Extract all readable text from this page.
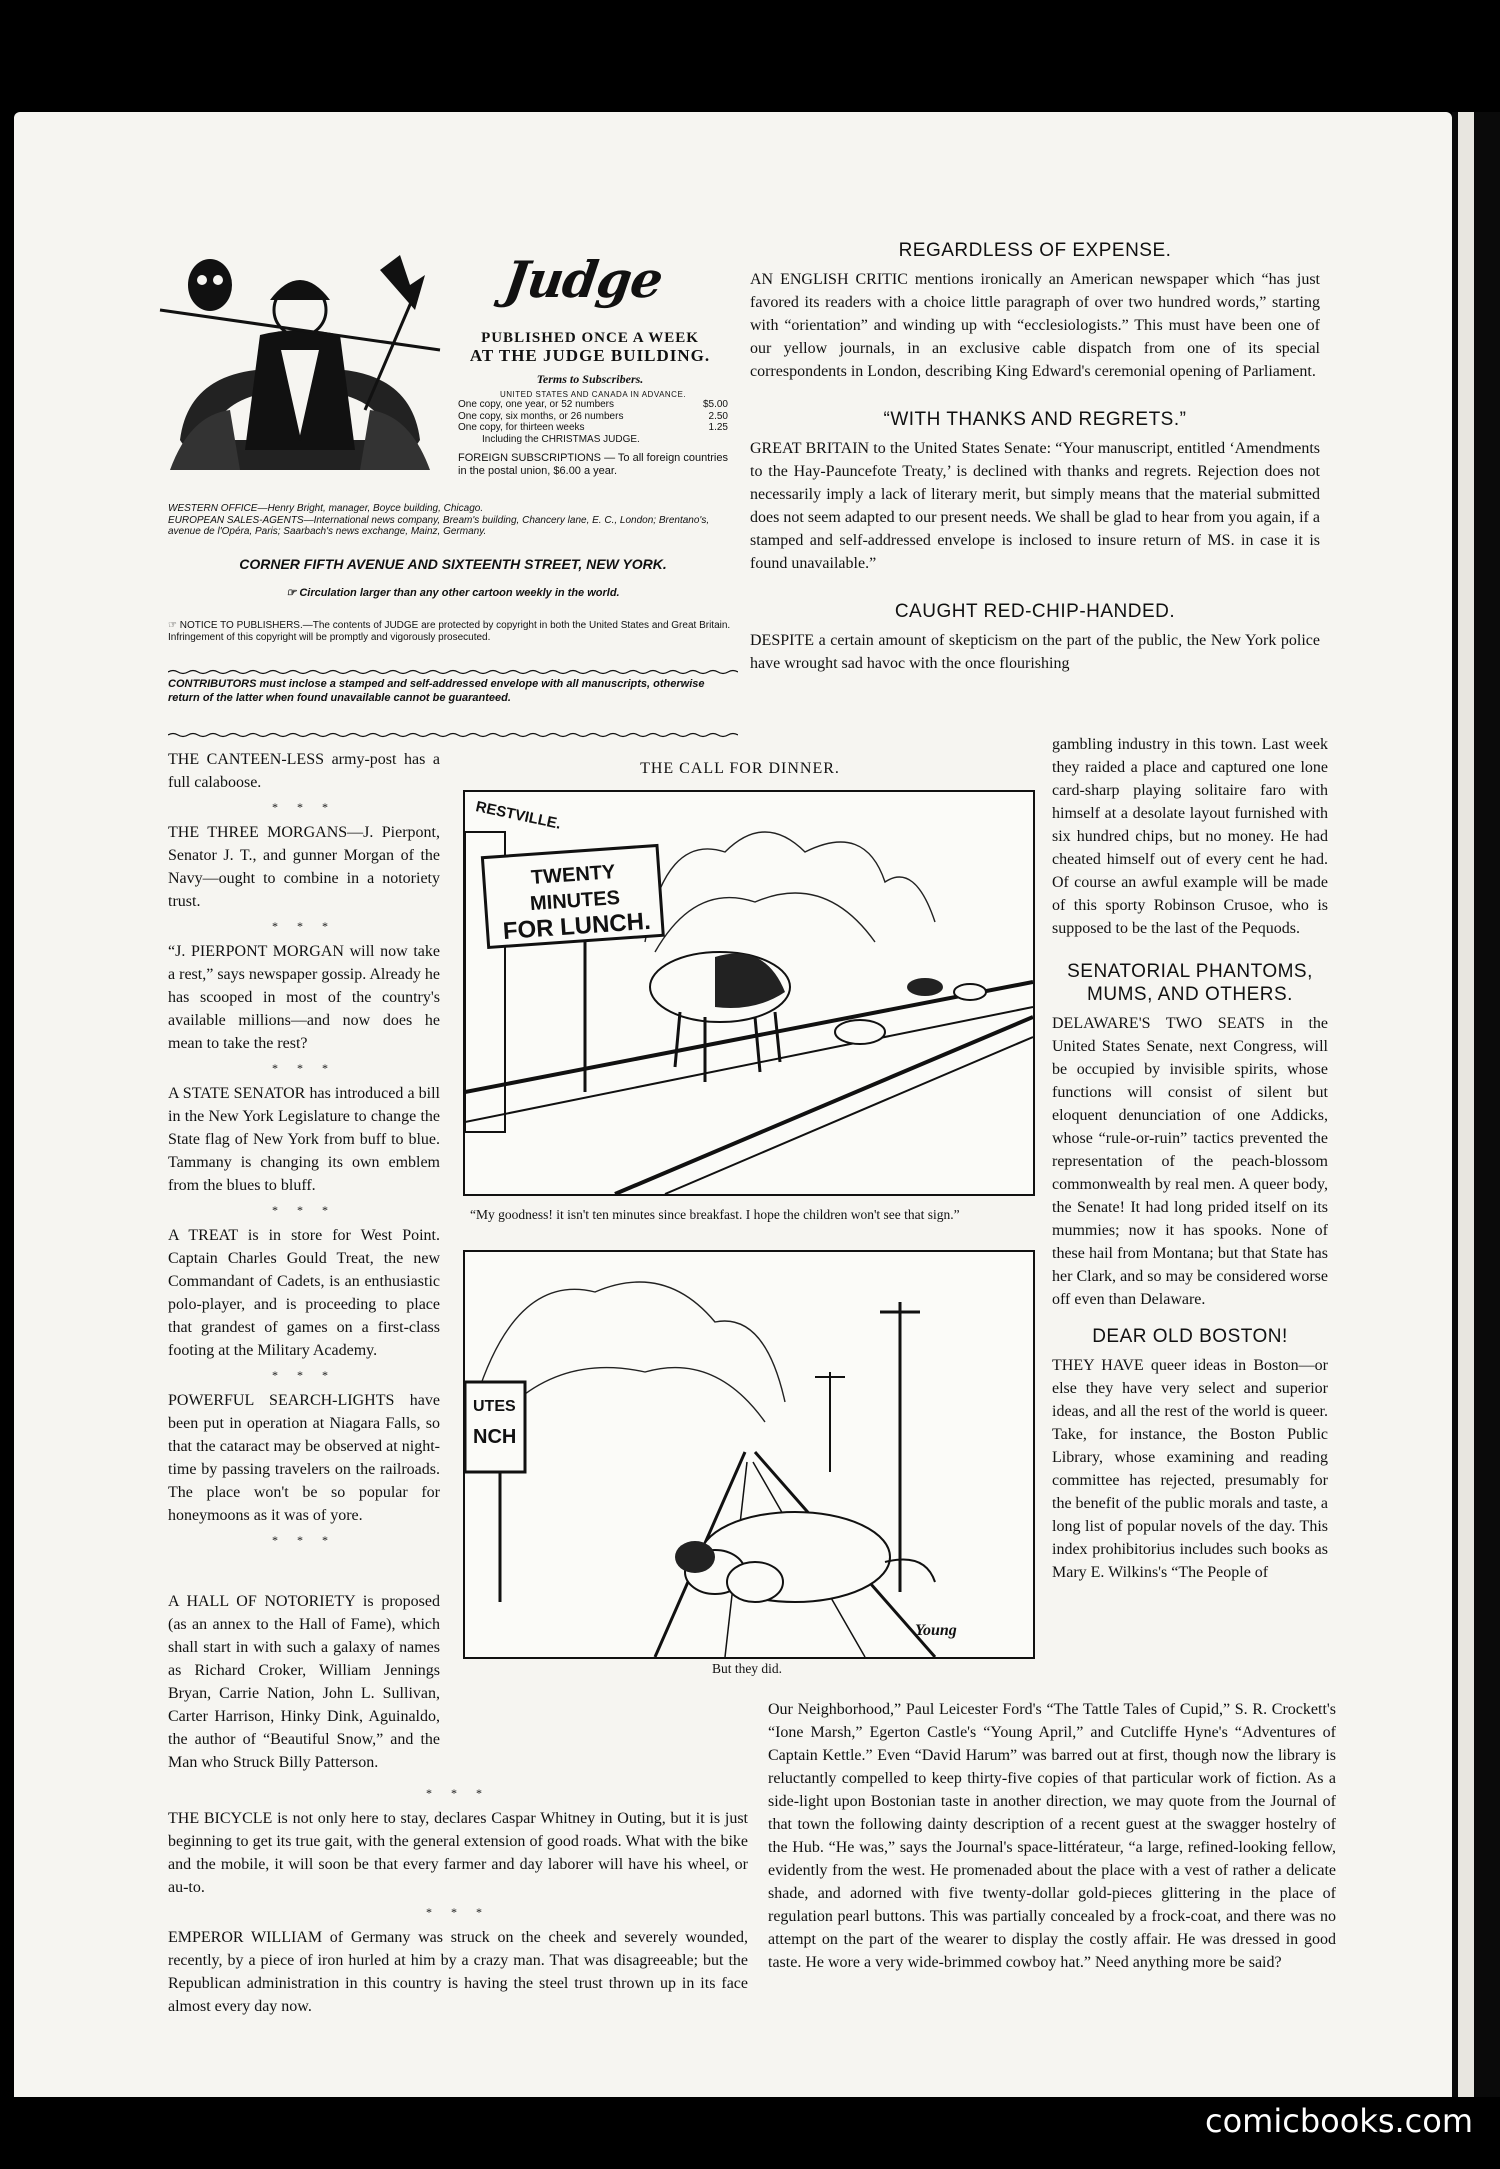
Judge
PUBLISHED ONCE A WEEK
AT THE JUDGE BUILDING.
Terms to Subscribers.
UNITED STATES AND CANADA IN ADVANCE.
One copy, one year, or 52 numbers	$5.00
One copy, six months, or 26 numbers	2.50
One copy, for thirteen weeks	1.25
Including the CHRISTMAS JUDGE.
FOREIGN SUBSCRIPTIONS — To all foreign countries in the postal union, $6.00 a year.
WESTERN OFFICE—Henry Bright, manager, Boyce building, Chicago.
EUROPEAN SALES-AGENTS—International news company, Bream's building, Chancery lane, E. C., London; Brentano's, avenue de l'Opéra, Paris; Saarbach's news exchange, Mainz, Germany.
CORNER FIFTH AVENUE AND SIXTEENTH STREET, NEW YORK.
☞ Circulation larger than any other cartoon weekly in the world.
☞ NOTICE TO PUBLISHERS.—The contents of JUDGE are protected by copyright in both the United States and Great Britain. Infringement of this copyright will be promptly and vigorously prosecuted.
CONTRIBUTORS must inclose a stamped and self-addressed envelope with all manuscripts, otherwise return of the latter when found unavailable cannot be guaranteed.

THE CANTEEN-LESS army-post has a full calaboose.

* * *

THE THREE MORGANS—J. Pierpont, Senator J. T., and gunner Morgan of the Navy—ought to combine in a notoriety trust.

* * *

“J. PIERPONT MORGAN will now take a rest,” says newspaper gossip. Already he has scooped in most of the country's available millions—and now does he mean to take the rest?

* * *

A STATE SENATOR has introduced a bill in the New York Legislature to change the State flag of New York from buff to blue. Tammany is changing its own emblem from the blues to bluff.

* * *

A TREAT is in store for West Point. Captain Charles Gould Treat, the new Commandant of Cadets, is an enthusiastic polo-player, and is proceeding to place that grandest of games on a first-class footing at the Military Academy.

* * *

POWERFUL SEARCH-LIGHTS have been put in operation at Niagara Falls, so that the cataract may be observed at night-time by passing travelers on the railroads. The place won't be so popular for honeymoons as it was of yore.

* * *
A HALL OF NOTORIETY is proposed (as an annex to the Hall of Fame), which shall start in with such a galaxy of names as Richard Croker, William Jennings Bryan, Carrie Nation, John L. Sullivan, Carter Harrison, Hinky Dink, Aguinaldo, the author of “Beautiful Snow,” and the Man who Struck Billy Patterson.
* * *

THE BICYCLE is not only here to stay, declares Caspar Whitney in Outing, but it is just beginning to get its true gait, with the general extension of good roads. What with the bike and the mobile, it will soon be that every farmer and day laborer will have his wheel, or au-to.

* * *

EMPEROR WILLIAM of Germany was struck on the cheek and severely wounded, recently, by a piece of iron hurled at him by a crazy man. That was disagreeable; but the Republican administration in this country is having the steel trust thrown up in its face almost every day now.

REGARDLESS OF EXPENSE.

AN ENGLISH CRITIC mentions ironically an American newspaper which “has just favored its readers with a choice little paragraph of over two hundred words,” starting with “orientation” and winding up with “ecclesiologists.” This must have been one of our yellow journals, in an exclusive cable dispatch from one of its special correspondents in London, describing King Edward's ceremonial opening of Parliament.

“WITH THANKS AND REGRETS.”

GREAT BRITAIN to the United States Senate: “Your manuscript, entitled ‘Amendments to the Hay-Pauncefote Treaty,’ is declined with thanks and regrets. Rejection does not necessarily imply a lack of literary merit, but simply means that the material submitted does not seem adapted to our present needs. We shall be glad to hear from you again, if a stamped and self-addressed envelope is inclosed to insure return of MS. in case it is found unavailable.”

CAUGHT RED-CHIP-HANDED.

DESPITE a certain amount of skepticism on the part of the public, the New York police have wrought sad havoc with the once flourishing

gambling industry in this town. Last week they raided a place and captured one lone card-sharp playing solitaire faro with himself at a desolate layout furnished with six hundred chips, but no money. He had cheated himself out of every cent he had. Of course an awful example will be made of this sporty Robinson Crusoe, who is supposed to be the last of the Pequods.

SENATORIAL PHANTOMS, MUMS, AND OTHERS.

DELAWARE'S TWO SEATS in the United States Senate, next Congress, will be occupied by invisible spirits, whose functions will consist of silent but eloquent denunciation of one Addicks, whose “rule-or-ruin” tactics prevented the representation of the peach-blossom commonwealth by real men. A queer body, the Senate! It had long prided itself on its mummies; now it has spooks. None of these hail from Montana; but that State has her Clark, and so may be considered worse off even than Delaware.

DEAR OLD BOSTON!

THEY HAVE queer ideas in Boston—or else they have very select and superior ideas, and all the rest of the world is queer. Take, for instance, the Boston Public Library, whose examining and reading committee has rejected, presumably for the benefit of the public morals and taste, a long list of popular novels of the day. This index prohibitorius includes such books as Mary E. Wilkins's “The People of

Our Neighborhood,” Paul Leicester Ford's “The Tattle Tales of Cupid,” S. R. Crockett's “Ione Marsh,” Egerton Castle's “Young April,” and Cutcliffe Hyne's “Adventures of Captain Kettle.” Even “David Harum” was barred out at first, though now the library is reluctantly compelled to keep thirty-five copies of that particular work of fiction. As a side-light upon Bostonian taste in another direction, we may quote from the Journal of that town the following dainty description of a recent guest at the swagger hostelry of the Hub. “He was,” says the Journal's space-littérateur, “a large, refined-looking fellow, evidently from the west. He promenaded about the place with a vest of rather a delicate shade, and adorned with five twenty-dollar gold-pieces glittering in the place of regulation pearl buttons. This was partially concealed by a frock-coat, and there was no attempt on the part of the wearer to display the costly affair. He was dressed in good taste. He wore a very wide-brimmed cowboy hat.” Need anything more be said?
THE CALL FOR DINNER.
RESTVILLE.
TWENTY MINUTES
FOR LUNCH.
“My goodness! it isn't ten minutes since breakfast. I hope the children won't see that sign.”
UTES
NCH
Young
But they did.
comicbooks.com
